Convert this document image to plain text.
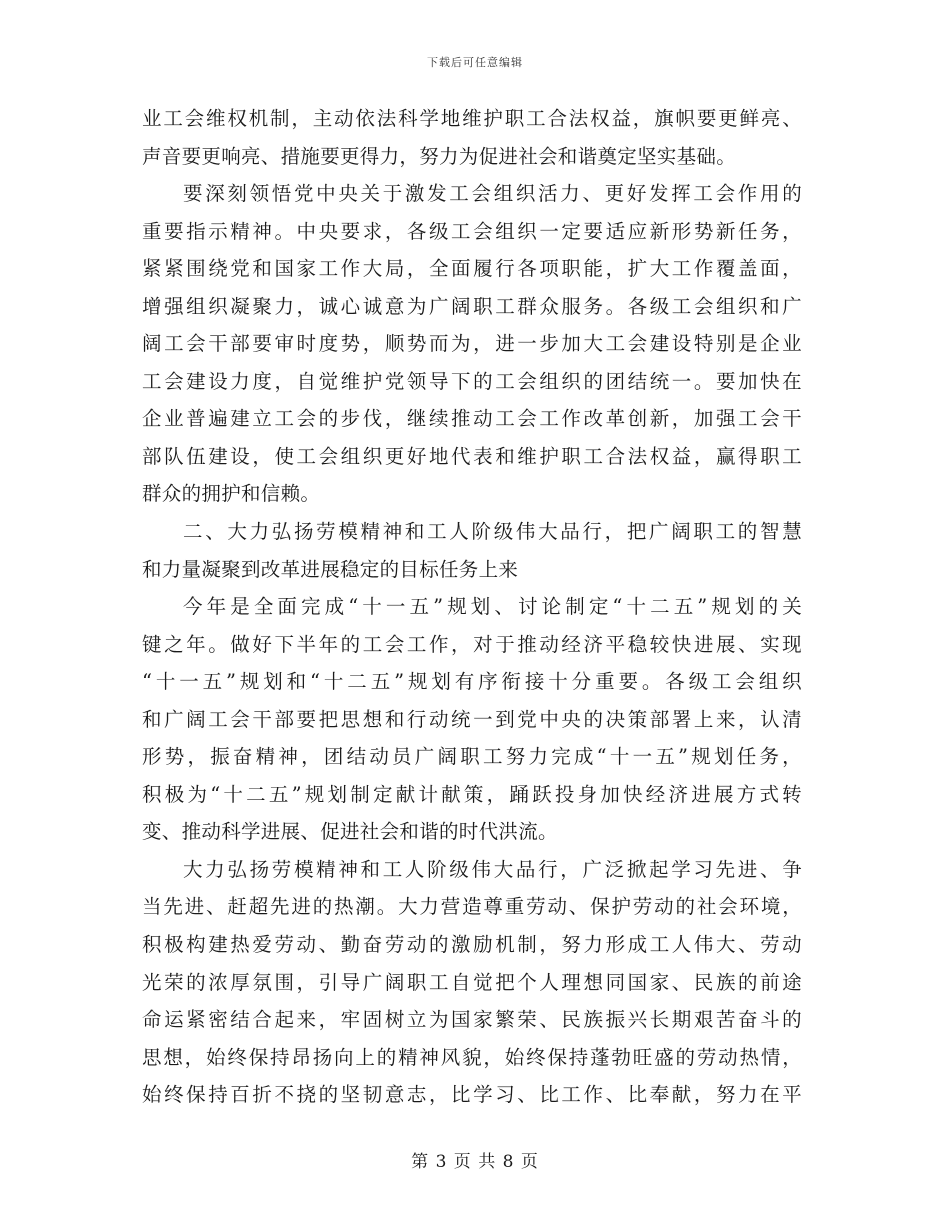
下载后可任意编辑
业工会维权机制，主动依法科学地维护职工合法权益，旗帜要更鲜亮、
声音要更响亮、措施要更得力，努力为促进社会和谐奠定坚实基础。
要深刻领悟党中央关于激发工会组织活力、更好发挥工会作用的
重要指示精神。中央要求，各级工会组织一定要适应新形势新任务，
紧紧围绕党和国家工作大局，全面履行各项职能，扩大工作覆盖面，
增强组织凝聚力，诚心诚意为广阔职工群众服务。各级工会组织和广
阔工会干部要审时度势，顺势而为，进一步加大工会建设特别是企业
工会建设力度，自觉维护党领导下的工会组织的团结统一。要加快在
企业普遍建立工会的步伐，继续推动工会工作改革创新，加强工会干
部队伍建设，使工会组织更好地代表和维护职工合法权益，赢得职工
群众的拥护和信赖。
二、大力弘扬劳模精神和工人阶级伟大品行，把广阔职工的智慧
和力量凝聚到改革进展稳定的目标任务上来
今年是全面完成“十一五”规划、讨论制定“十二五”规划的关
键之年。做好下半年的工会工作，对于推动经济平稳较快进展、实现
“十一五”规划和“十二五”规划有序衔接十分重要。各级工会组织
和广阔工会干部要把思想和行动统一到党中央的决策部署上来，认清
形势，振奋精神，团结动员广阔职工努力完成“十一五”规划任务，
积极为“十二五”规划制定献计献策，踊跃投身加快经济进展方式转
变、推动科学进展、促进社会和谐的时代洪流。
大力弘扬劳模精神和工人阶级伟大品行，广泛掀起学习先进、争
当先进、赶超先进的热潮。大力营造尊重劳动、保护劳动的社会环境，
积极构建热爱劳动、勤奋劳动的激励机制，努力形成工人伟大、劳动
光荣的浓厚氛围，引导广阔职工自觉把个人理想同国家、民族的前途
命运紧密结合起来，牢固树立为国家繁荣、民族振兴长期艰苦奋斗的
思想，始终保持昂扬向上的精神风貌，始终保持蓬勃旺盛的劳动热情，
始终保持百折不挠的坚韧意志，比学习、比工作、比奉献，努力在平
第 3 页 共 8 页
